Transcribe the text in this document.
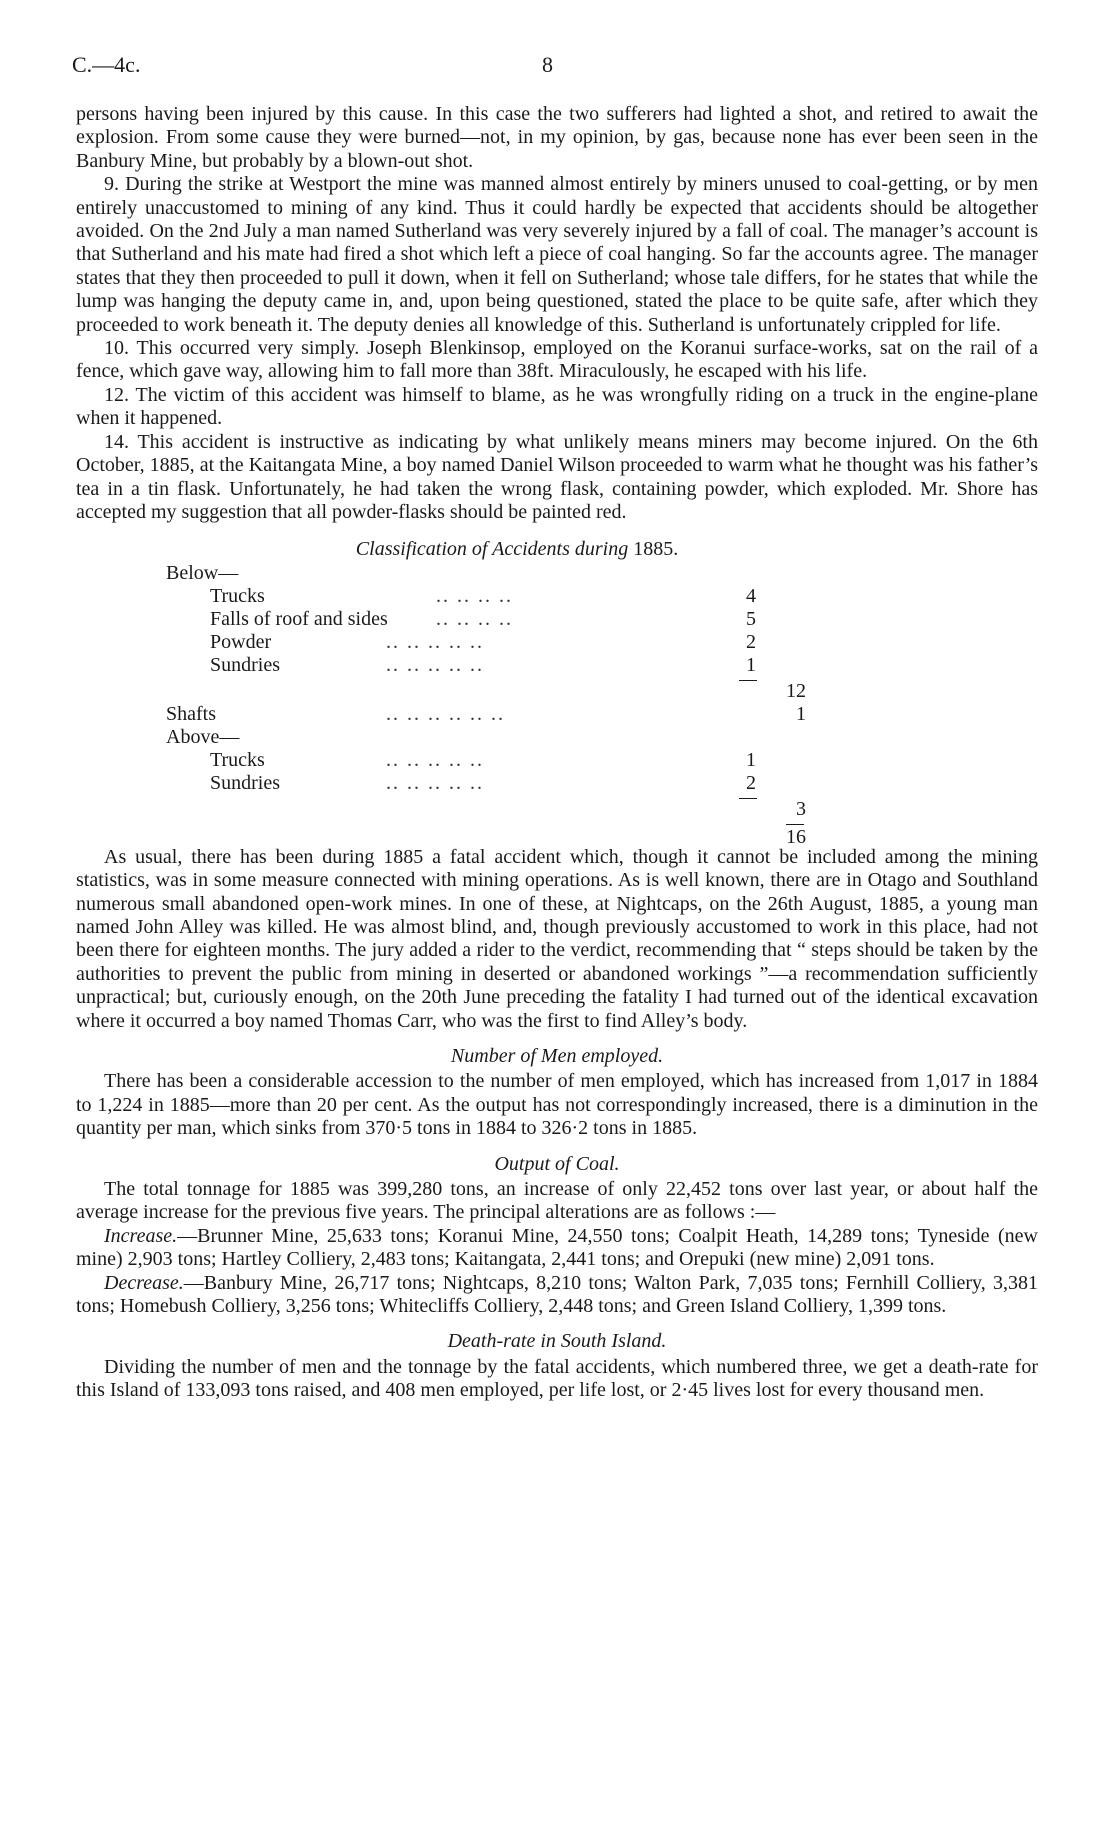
C.—4c.	8

persons having been injured by this cause. In this case the two sufferers had lighted a shot, and retired to await the explosion. From some cause they were burned—not, in my opinion, by gas, because none has ever been seen in the Banbury Mine, but probably by a blown-out shot.

9. During the strike at Westport the mine was manned almost entirely by miners unused to coal-getting, or by men entirely unaccustomed to mining of any kind. Thus it could hardly be expected that accidents should be altogether avoided. On the 2nd July a man named Sutherland was very severely injured by a fall of coal. The manager’s account is that Sutherland and his mate had fired a shot which left a piece of coal hanging. So far the accounts agree. The manager states that they then proceeded to pull it down, when it fell on Sutherland; whose tale differs, for he states that while the lump was hanging the deputy came in, and, upon being questioned, stated the place to be quite safe, after which they proceeded to work beneath it. The deputy denies all knowledge of this. Sutherland is unfortunately crippled for life.

10. This occurred very simply. Joseph Blenkinsop, employed on the Koranui surface-works, sat on the rail of a fence, which gave way, allowing him to fall more than 38ft. Miraculously, he escaped with his life.

12. The victim of this accident was himself to blame, as he was wrongfully riding on a truck in the engine-plane when it happened.

14. This accident is instructive as indicating by what unlikely means miners may become injured. On the 6th October, 1885, at the Kaitangata Mine, a boy named Daniel Wilson proceeded to warm what he thought was his father’s tea in a tin flask. Unfortunately, he had taken the wrong flask, containing powder, which exploded. Mr. Shore has accepted my suggestion that all powder-flasks should be painted red.

Classification of Accidents during 1885.
Below—
Trucks	.. .. .. ..	4
Falls of roof and sides .. .. .. ..	5
Powder	.. .. .. .. ..	2
Sundries	.. .. .. .. ..	1
12
Shafts	.. .. .. .. .. ..	1
Above—
Trucks	.. .. .. .. ..	1
Sundries	.. .. .. .. ..	2
3
16

As usual, there has been during 1885 a fatal accident which, though it cannot be included among the mining statistics, was in some measure connected with mining operations. As is well known, there are in Otago and Southland numerous small abandoned open-work mines. In one of these, at Nightcaps, on the 26th August, 1885, a young man named John Alley was killed. He was almost blind, and, though previously accustomed to work in this place, had not been there for eighteen months. The jury added a rider to the verdict, recommending that “ steps should be taken by the authorities to prevent the public from mining in deserted or abandoned workings ”—a recommendation sufficiently unpractical; but, curiously enough, on the 20th June preceding the fatality I had turned out of the identical excavation where it occurred a boy named Thomas Carr, who was the first to find Alley’s body.

Number of Men employed.

There has been a considerable accession to the number of men employed, which has increased from 1,017 in 1884 to 1,224 in 1885—more than 20 per cent. As the output has not correspondingly increased, there is a diminution in the quantity per man, which sinks from 370·5 tons in 1884 to 326·2 tons in 1885.

Output of Coal.

The total tonnage for 1885 was 399,280 tons, an increase of only 22,452 tons over last year, or about half the average increase for the previous five years. The principal alterations are as follows :—

Increase.—Brunner Mine, 25,633 tons; Koranui Mine, 24,550 tons; Coalpit Heath, 14,289 tons; Tyneside (new mine) 2,903 tons; Hartley Colliery, 2,483 tons; Kaitangata, 2,441 tons; and Orepuki (new mine) 2,091 tons.

Decrease.—Banbury Mine, 26,717 tons; Nightcaps, 8,210 tons; Walton Park, 7,035 tons; Fernhill Colliery, 3,381 tons; Homebush Colliery, 3,256 tons; Whitecliffs Colliery, 2,448 tons; and Green Island Colliery, 1,399 tons.

Death-rate in South Island.

Dividing the number of men and the tonnage by the fatal accidents, which numbered three, we get a death-rate for this Island of 133,093 tons raised, and 408 men employed, per life lost, or 2·45 lives lost for every thousand men.
